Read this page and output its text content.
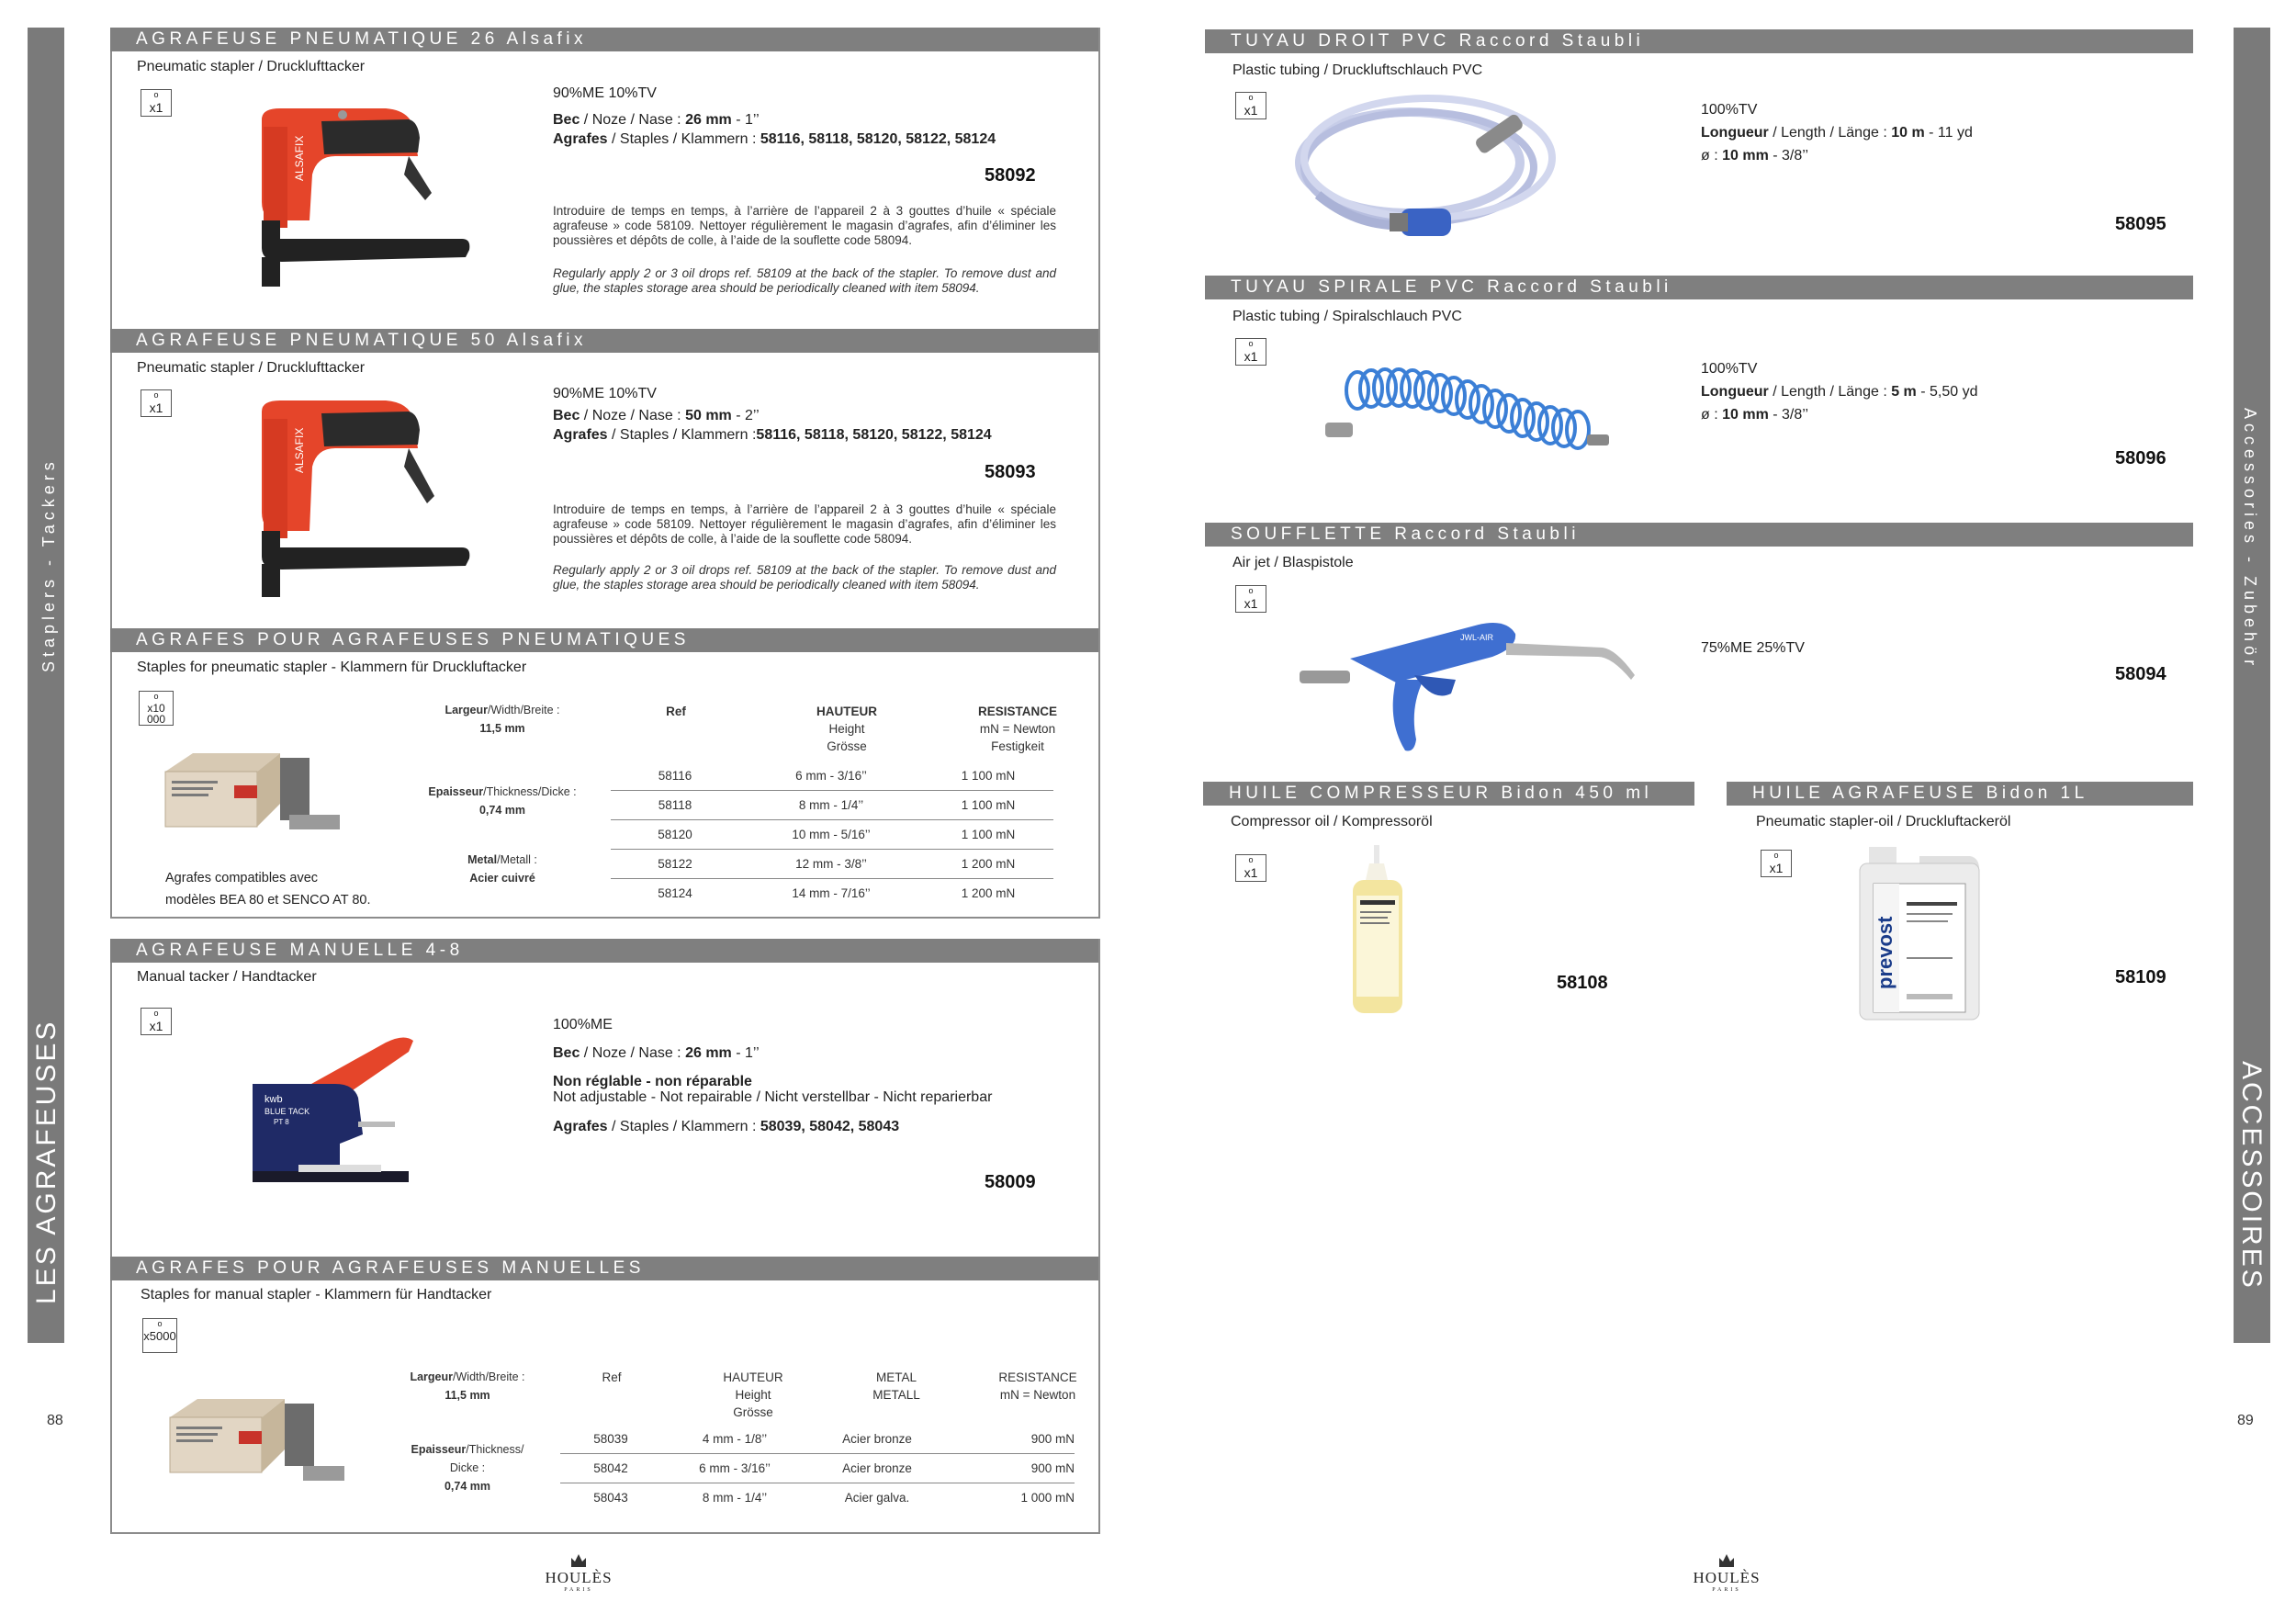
LES AGRAFEUSES
Staplers - Tackers
88
AGRAFEUSE PNEUMATIQUE 26 Alsafix
Pneumatic stapler / Drucklufttacker
o
x1
ALSAFIX
90%ME 10%TV
Bec / Noze / Nase : 26 mm - 1’’
Agrafes / Staples / Klammern : 58116, 58118, 58120, 58122, 58124
58092
Introduire de temps en temps, à l’arrière de l’appareil 2 à 3 gouttes d’huile « spéciale agrafeuse » code 58109. Nettoyer régulièrement le magasin d’agrafes, afin d’éliminer les poussières et dépôts de colle, à l’aide de la souflette code 58094.
Regularly apply 2 or 3 oil drops ref. 58109 at the back of the stapler. To remove dust and glue, the staples storage area should be periodically cleaned with item 58094.
AGRAFEUSE PNEUMATIQUE 50 Alsafix
Pneumatic stapler / Drucklufttacker
o
x1
ALSAFIX
90%ME 10%TV
Bec / Noze / Nase : 50 mm - 2’’
Agrafes / Staples / Klammern :58116, 58118, 58120, 58122, 58124
58093
Introduire de temps en temps, à l’arrière de l’appareil 2 à 3 gouttes d’huile « spéciale agrafeuse » code 58109. Nettoyer régulièrement le magasin d’agrafes, afin d’éliminer les poussières et dépôts de colle, à l’aide de la souflette code 58094.
Regularly apply 2 or 3 oil drops ref. 58109 at the back of the stapler. To remove dust and glue, the staples storage area should be periodically cleaned with item 58094.
AGRAFES POUR AGRAFEUSES PNEUMATIQUES
Staples for pneumatic stapler - Klammern für Druckluftacker
o
x10 000
Largeur/Width/Breite :
11,5 mm
Epaisseur/Thickness/Dicke :
0,74 mm
Metal/Metall :
Acier cuivré
Ref	HAUTEUR
Height
Grösse
RESISTANCE
mN = Newton
Festigkeit
58116	6 mm - 3/16’’	1 100 mN
58118	8 mm - 1/4’’	1 100 mN
58120	10 mm - 5/16’’	1 100 mN
58122	12 mm - 3/8’’	1 200 mN
58124	14 mm - 7/16’’	1 200 mN
Agrafes compatibles avec
modèles BEA 80 et SENCO AT 80.
AGRAFEUSE MANUELLE 4-8
Manual tacker / Handtacker
o
x1
kwb
BLUE TACK
PT 8
100%ME
Bec / Noze / Nase : 26 mm - 1’’
Non réglable - non réparable
Not adjustable - Not repairable / Nicht verstellbar - Nicht reparierbar
Agrafes / Staples / Klammern : 58039, 58042, 58043
58009
AGRAFES POUR AGRAFEUSES MANUELLES
Staples for manual stapler - Klammern für Handtacker
o
x5000
Largeur/Width/Breite :
11,5 mm
Epaisseur/Thickness/
Dicke :
0,74 mm
Ref	HAUTEUR
Height
Grösse
METAL
METALL
RESISTANCE
mN = Newton
58039	4 mm - 1/8’’	Acier bronze	900 mN
58042	6 mm - 3/16’’	Acier bronze	900 mN
58043	8 mm - 1/4’’	Acier galva.	1 000 mN
HOULÈS
PARIS
ACCESSOIRES
Accessories - Zubehör
89
TUYAU DROIT PVC Raccord Staubli
Plastic tubing / Druckluftschlauch PVC
o
x1	100%TV
Longueur / Length / Länge : 10 m - 11 yd
ø : 10 mm - 3/8’’
58095
TUYAU SPIRALE PVC Raccord Staubli
Plastic tubing / Spiralschlauch PVC
o
x1
100%TV
Longueur / Length / Länge : 5 m - 5,50 yd
ø : 10 mm - 3/8’’
58096
SOUFFLETTE Raccord Staubli
Air jet / Blaspistole
o
x1
JWL-AIR
75%ME 25%TV
58094
HUILE COMPRESSEUR Bidon 450 ml
Compressor oil / Kompressoröl
o
x1
58108
HUILE AGRAFEUSE Bidon 1L
Pneumatic stapler-oil / Druckluftackeröl
o
x1
prevost	58109
HOULÈS
PARIS
